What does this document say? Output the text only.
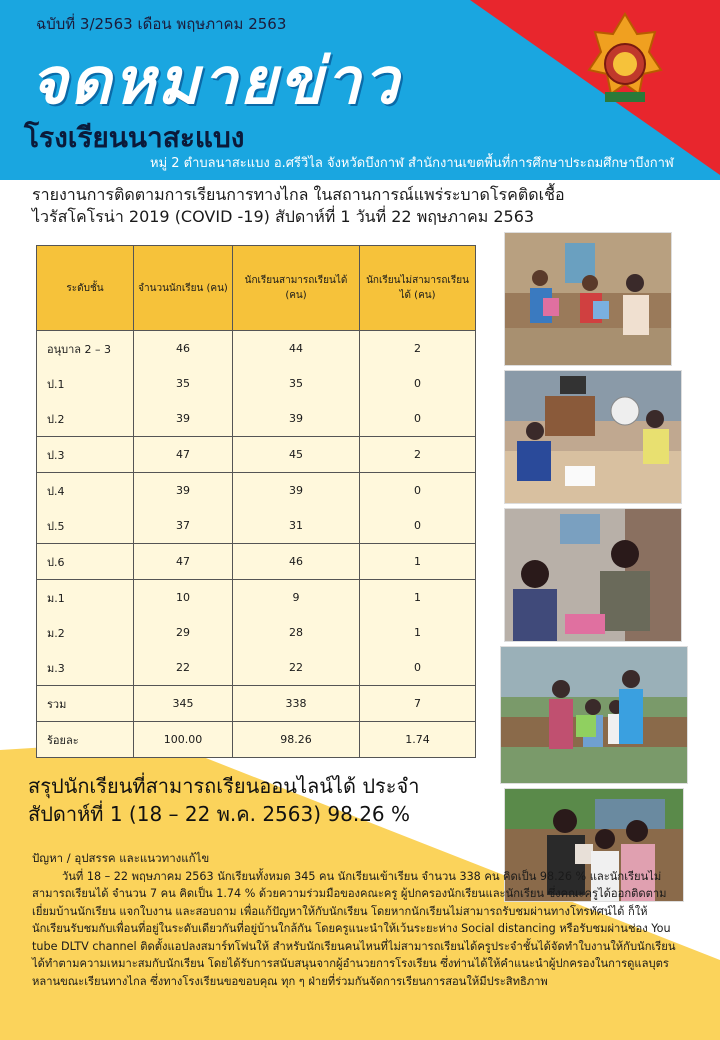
ฉบับที่ 3/2563 เดือน พฤษภาคม 2563
จดหมายข่าว
โรงเรียนนาสะแบง
หมู่ 2 ตำบลนาสะแบง อ.ศรีวิไล จังหวัดบึงกาฬ สำนักงานเขตพื้นที่การศึกษาประถมศึกษาบึงกาฬ
รายงานการติดตามการเรียนการทางไกล ในสถานการณ์แพร่ระบาดโรคติดเชื้อ
ไวรัสโคโรน่า 2019 (COVID -19) สัปดาห์ที่ 1 วันที่ 22 พฤษภาคม 2563
ระดับชั้น	จำนวนนักเรียน (คน)	นักเรียนสามารถเรียนได้ (คน)	นักเรียนไม่สามารถเรียนได้ (คน)
อนุบาล 2 – 3	46	44	2
ป.1	35	35	0
ป.2	39	39	0
ป.3	47	45	2
ป.4	39	39	0
ป.5	37	31	0
ป.6	47	46	1
ม.1	10	9	1
ม.2	29	28	1
ม.3	22	22	0
รวม	345	338	7
ร้อยละ	100.00	98.26	1.74
สรุปนักเรียนที่สามารถเรียนออนไลน์ได้ ประจำ
สัปดาห์ที่ 1 (18 – 22 พ.ค. 2563) 98.26 %
ปัญหา / อุปสรรค และแนวทางแก้ไข
วันที่ 18 – 22 พฤษภาคม 2563 นักเรียนทั้งหมด 345 คน นักเรียนเข้าเรียน จำนวน 338 คน คิดเป็น 98.26 % และนักเรียนไม่สามารถเรียนได้ จำนวน 7 คน คิดเป็น 1.74 % ด้วยความร่วมมือของคณะครู ผู้ปกครองนักเรียนและนักเรียน ซึ่งคณะครูได้ออกติดตามเยี่ยมบ้านนักเรียน แจกใบงาน และสอบถาม เพื่อแก้ปัญหาให้กับนักเรียน โดยหากนักเรียนไม่สามารถรับชมผ่านทางโทรทัศน์ได้ ก็ให้นักเรียนรับชมกับเพื่อนที่อยู่ในระดับเดียวกันที่อยู่บ้านใกล้กัน โดยครูแนะนำให้เว้นระยะห่าง Social distancing หรือรับชมผ่านช่อง You tube DLTV channel ติดตั้งแอปลงสมาร์ทโฟนให้ สำหรับนักเรียนคนไหนที่ไม่สามารถเรียนได้ครูประจำชั้นได้จัดทำใบงานให้กับนักเรียน ได้ทำตามความเหมาะสมกับนักเรียน โดยได้รับการสนับสนุนจากผู้อำนวยการโรงเรียน ซึ่งท่านได้ให้คำแนะนำผู้ปกครองในการดูแลบุตรหลานขณะเรียนทางไกล ซึ่งทางโรงเรียนขอขอบคุณ ทุก ๆ ฝ่ายที่ร่วมกันจัดการเรียนการสอนให้มีประสิทธิภาพ
